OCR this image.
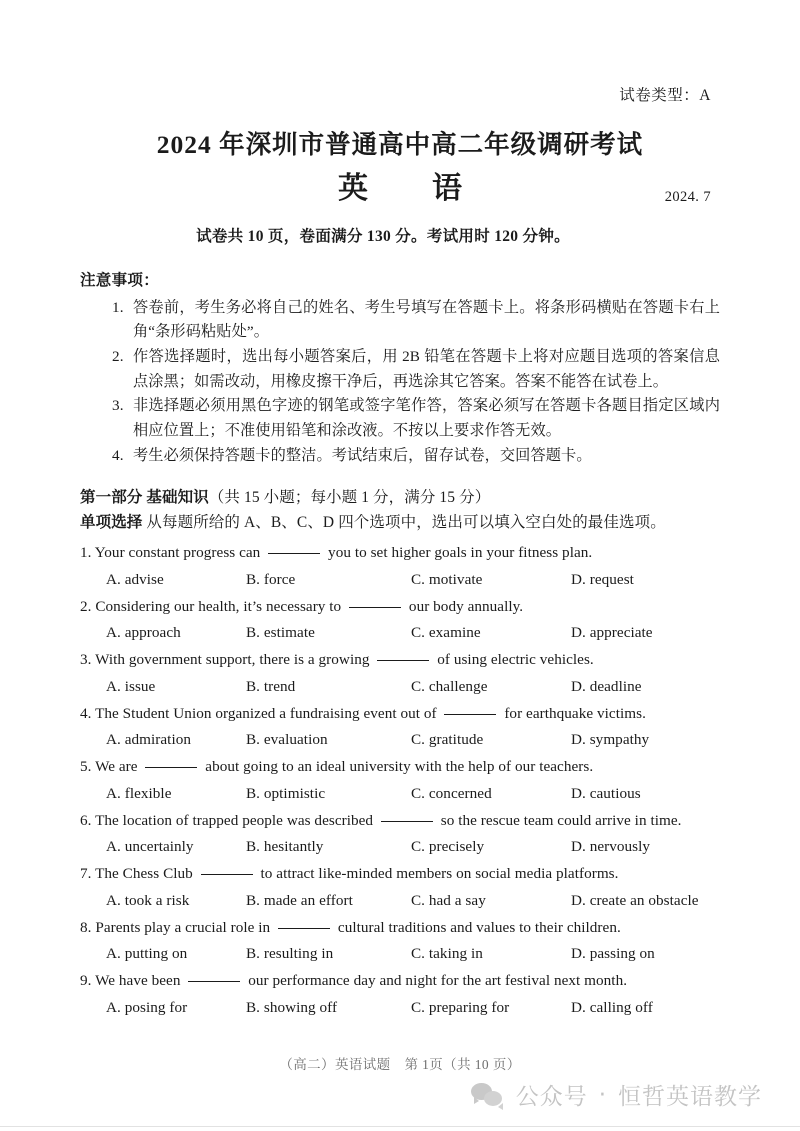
试卷类型：A
2024 年深圳市普通高中高二年级调研考试
英　语	2024. 7
试卷共 10 页，卷面满分 130 分。考试用时 120 分钟。
注意事项：
1. 答卷前，考生务必将自己的姓名、考生号填写在答题卡上。将条形码横贴在答题卡右上角“条形码粘贴处”。
2. 作答选择题时，选出每小题答案后，用 2B 铅笔在答题卡上将对应题目选项的答案信息点涂黑；如需改动，用橡皮擦干净后，再选涂其它答案。答案不能答在试卷上。
3. 非选择题必须用黑色字迹的钢笔或签字笔作答，答案必须写在答题卡各题目指定区域内相应位置上；不准使用铅笔和涂改液。不按以上要求作答无效。
4. 考生必须保持答题卡的整洁。考试结束后，留存试卷，交回答题卡。
第一部分 基础知识（共 15 小题；每小题 1 分，满分 15 分）
单项选择 从每题所给的 A、B、C、D 四个选项中，选出可以填入空白处的最佳选项。
1. Your constant progress can	you to set higher goals in your fitness plan.
A. advise	B. force	C. motivate	D. request
2. Considering our health, it’s necessary to	our body annually.
A. approach	B. estimate	C. examine	D. appreciate
3. With government support, there is a growing	of using electric vehicles.
A. issue	B. trend	C. challenge	D. deadline
4. The Student Union organized a fundraising event out of	for earthquake victims.
A. admiration	B. evaluation	C. gratitude	D. sympathy
5. We are	about going to an ideal university with the help of our teachers.
A. flexible	B. optimistic	C. concerned	D. cautious
6. The location of trapped people was described	so the rescue team could arrive in time.
A. uncertainly	B. hesitantly	C. precisely	D. nervously
7. The Chess Club	to attract like-minded members on social media platforms.
A. took a risk	B. made an effort	C. had a say	D. create an obstacle
8. Parents play a crucial role in	cultural traditions and values to their children.
A. putting on	B. resulting in	C. taking in	D. passing on
9. We have been	our performance day and night for the art festival next month.
A. posing for	B. showing off	C. preparing for	D. calling off
（高二）英语试题　第 1页（共 10 页）
公众号 · 恒哲英语教学
